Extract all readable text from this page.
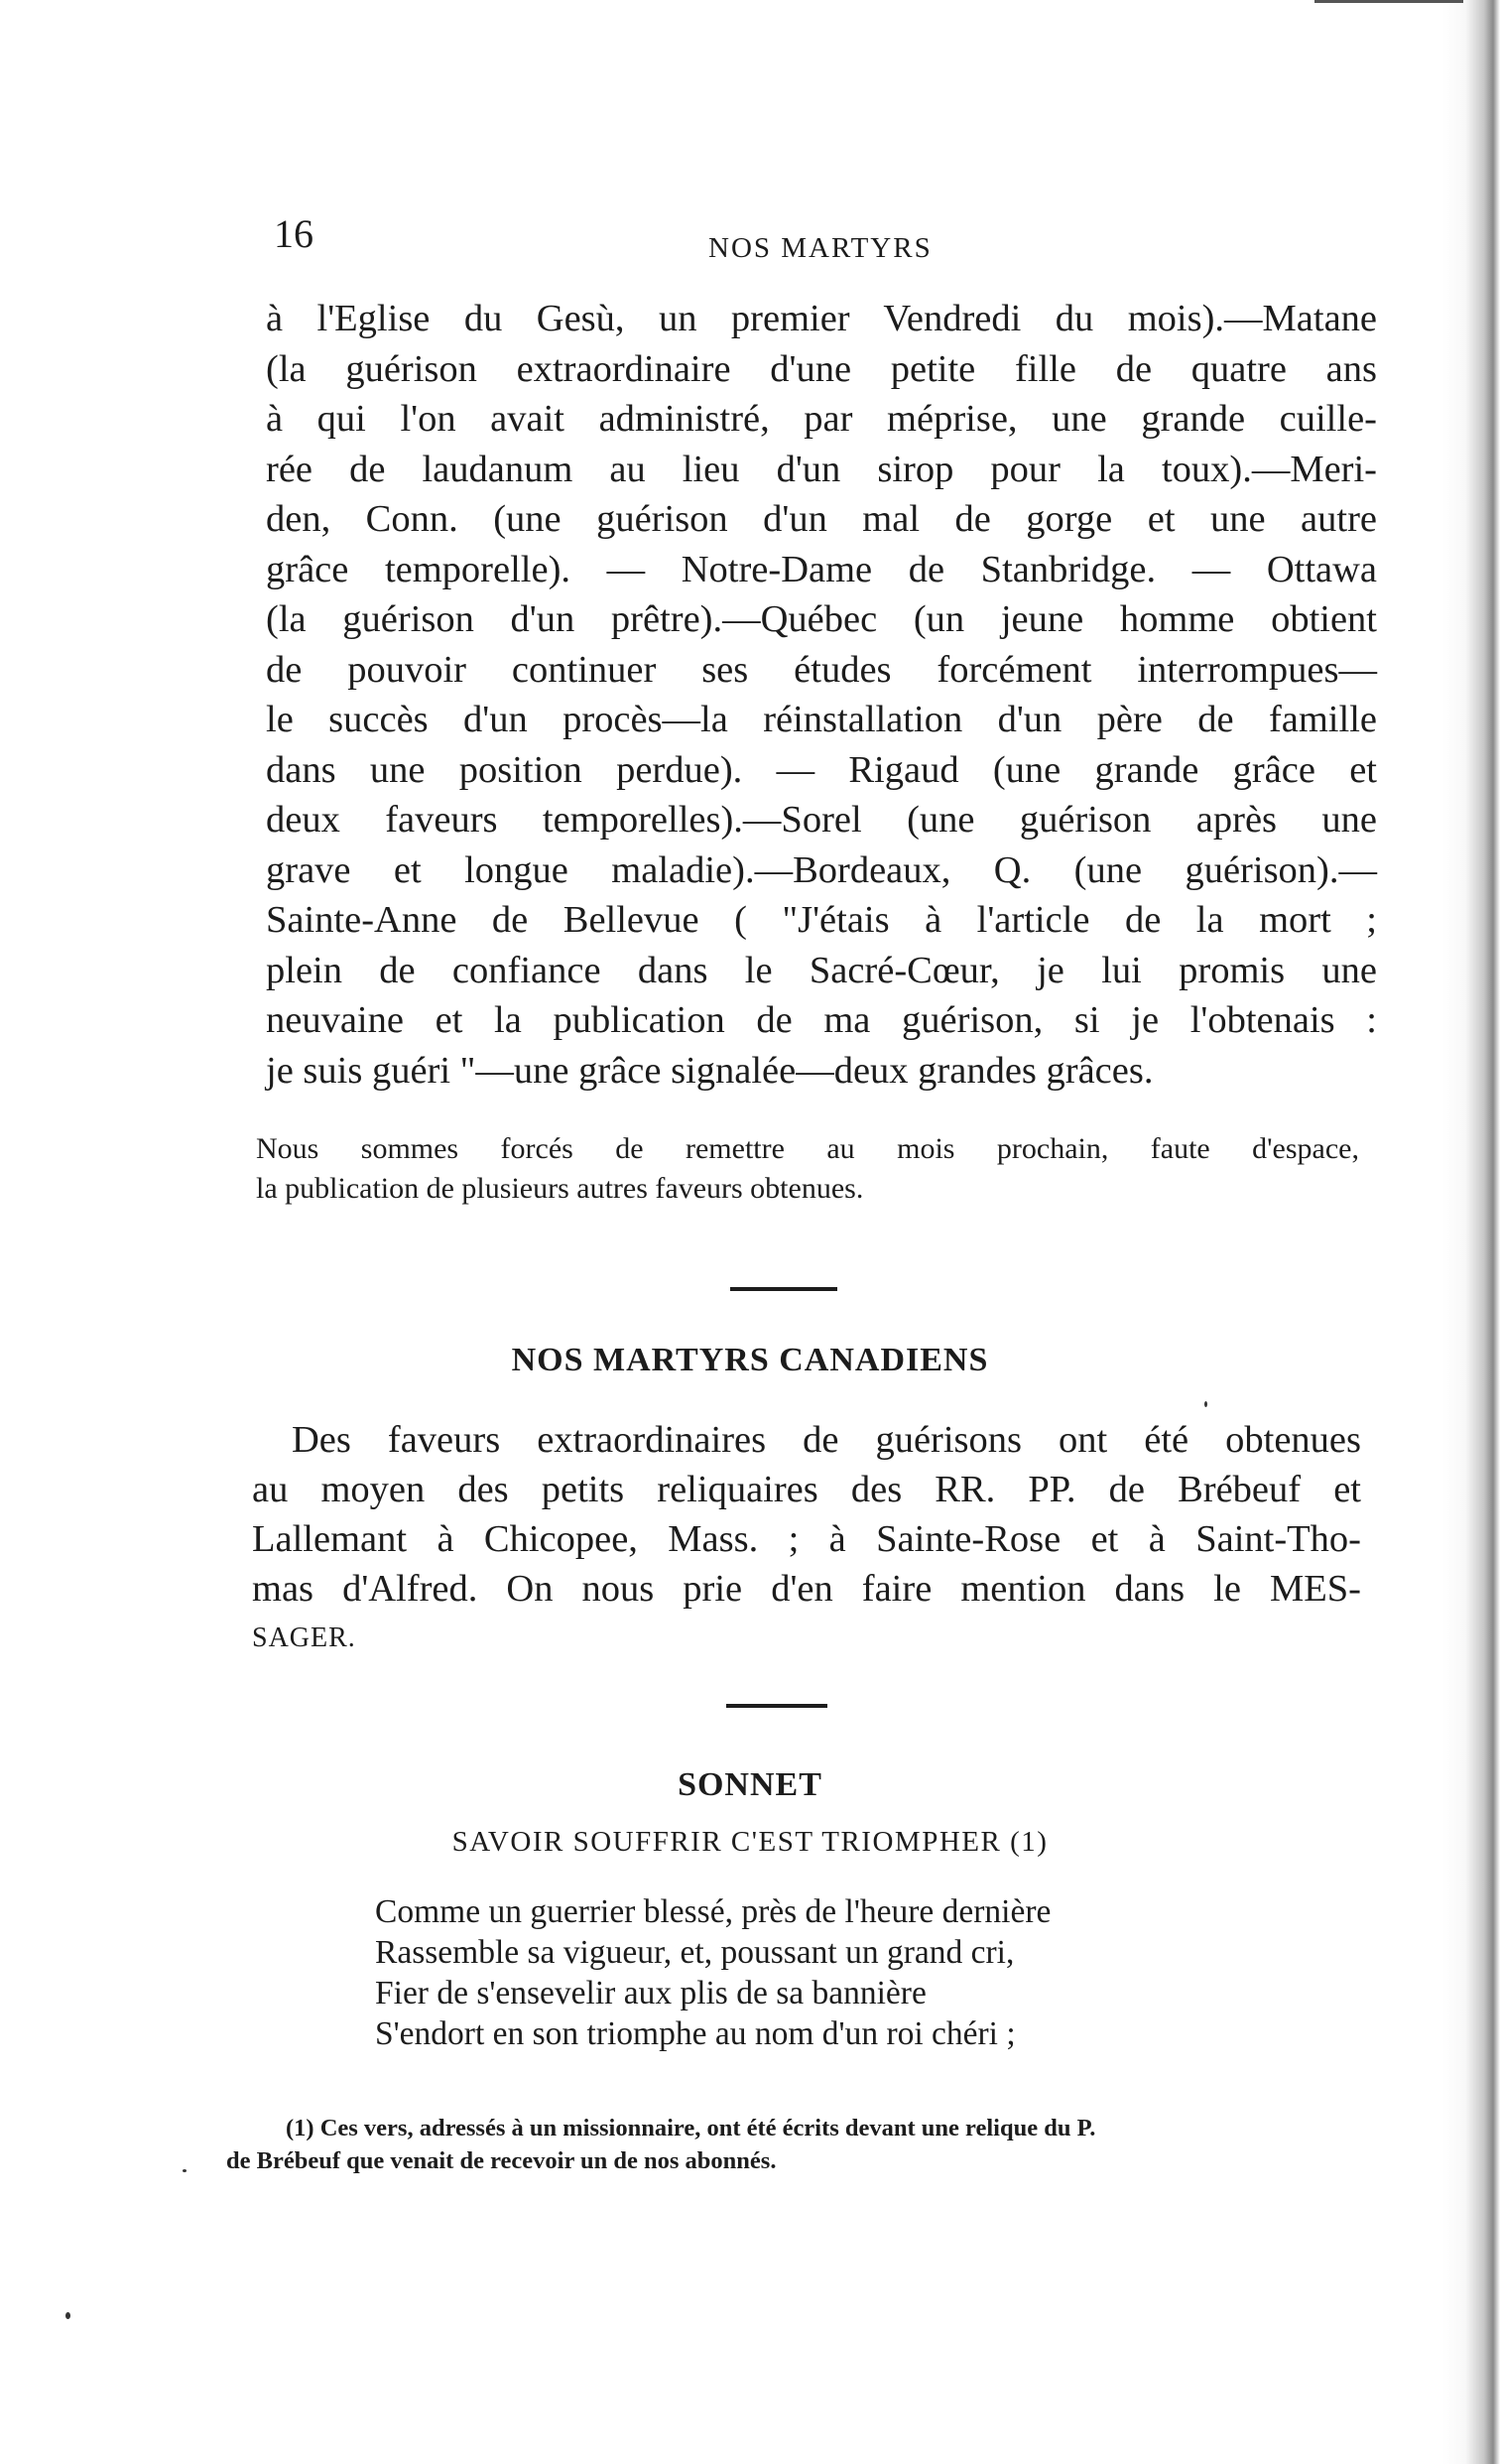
16	NOS MARTYRS
à l'Eglise du Gesù, un premier Vendredi du mois).—Matane
(la guérison extraordinaire d'une petite fille de quatre ans
à qui l'on avait administré, par méprise, une grande cuille-
rée de laudanum au lieu d'un sirop pour la toux).—Meri-
den, Conn. (une guérison d'un mal de gorge et une autre
grâce temporelle). — Notre-Dame de Stanbridge. — Ottawa
(la guérison d'un prêtre).—Québec (un jeune homme obtient
de pouvoir continuer ses études forcément interrompues—
le succès d'un procès—la réinstallation d'un père de famille
dans une position perdue). — Rigaud (une grande grâce et
deux faveurs temporelles).—Sorel (une guérison après une
grave et longue maladie).—Bordeaux, Q. (une guérison).—
Sainte-Anne de Bellevue ( "J'étais à l'article de la mort ;
plein de confiance dans le Sacré-Cœur, je lui promis une
neuvaine et la publication de ma guérison, si je l'obtenais :
je suis guéri "—une grâce signalée—deux grandes grâces.
Nous sommes forcés de remettre au mois prochain, faute d'espace,
la publication de plusieurs autres faveurs obtenues.
NOS MARTYRS CANADIENS
Des faveurs extraordinaires de guérisons ont été obtenues
au moyen des petits reliquaires des RR. PP. de Brébeuf et
Lallemant à Chicopee, Mass. ; à Sainte-Rose et à Saint-Tho-
mas d'Alfred. On nous prie d'en faire mention dans le MES-
SAGER.
SONNET
SAVOIR SOUFFRIR C'EST TRIOMPHER (1)
Comme un guerrier blessé, près de l'heure dernière
Rassemble sa vigueur, et, poussant un grand cri,
Fier de s'ensevelir aux plis de sa bannière
S'endort en son triomphe au nom d'un roi chéri ;
(1) Ces vers, adressés à un missionnaire, ont été écrits devant une relique du P.
de Brébeuf que venait de recevoir un de nos abonnés.
